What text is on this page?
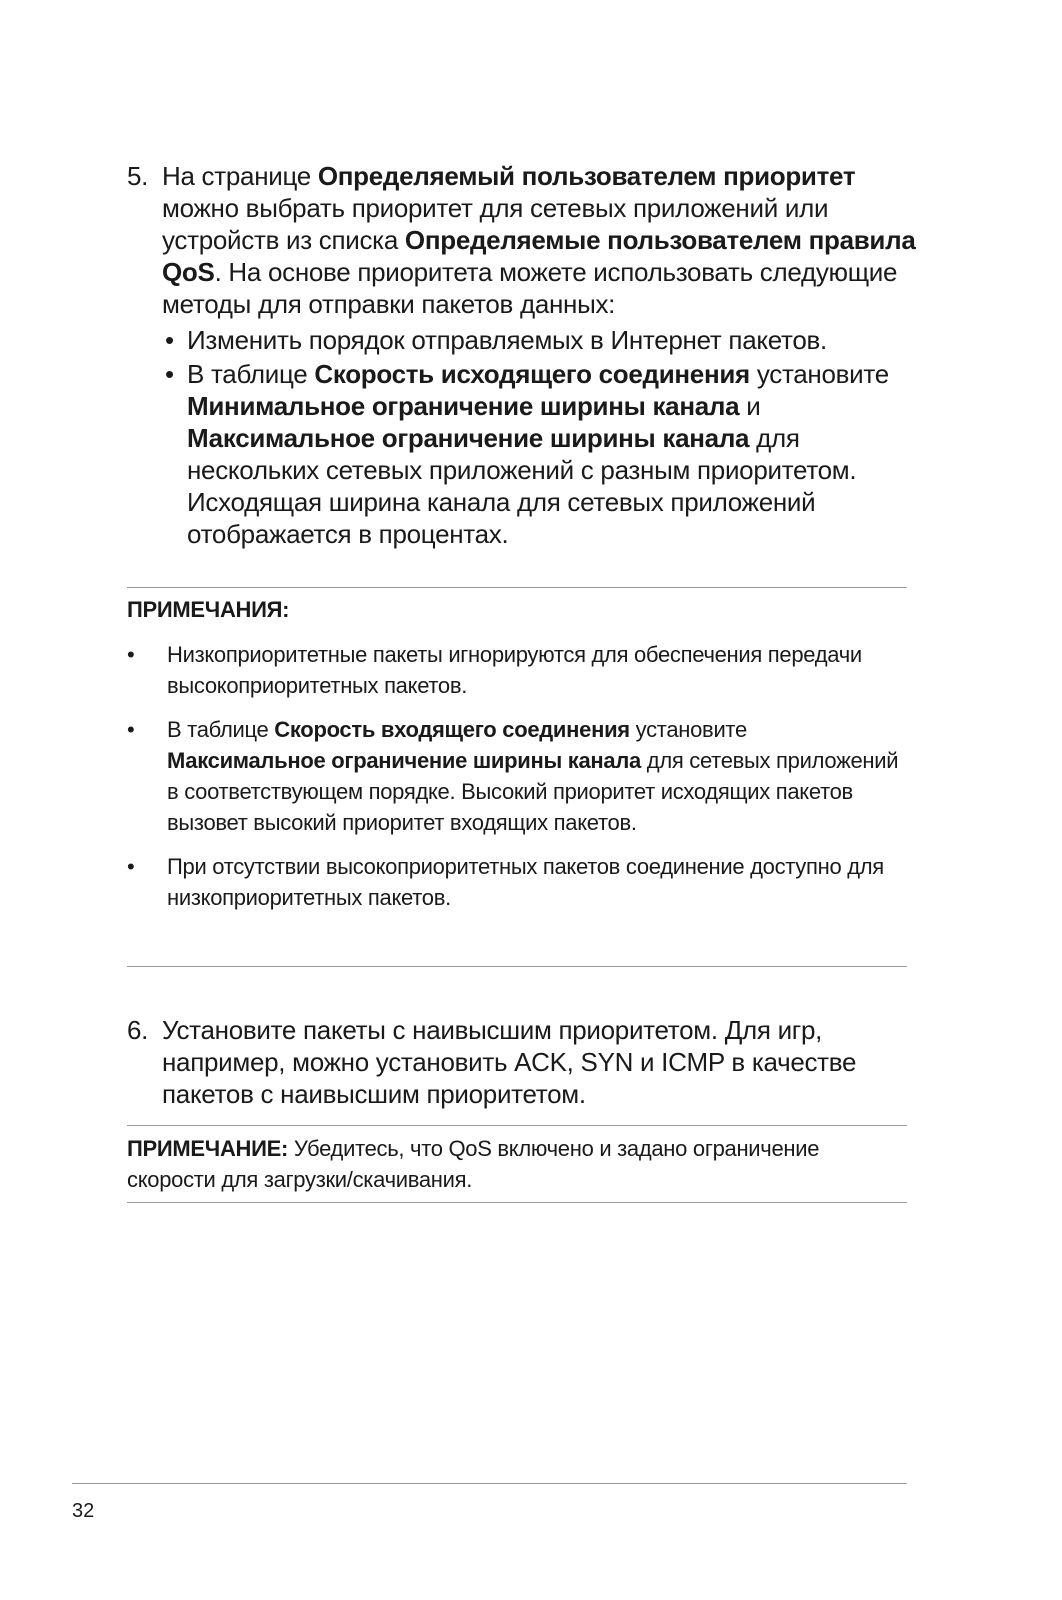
5. На странице Определяемый пользователем приоритет можно выбрать приоритет для сетевых приложений или устройств из списка Определяемые пользователем правила QoS. На основе приоритета можете использовать следующие методы для отправки пакетов данных:

• Изменить порядок отправляемых в Интернет пакетов.
• В таблице Скорость исходящего соединения установите Минимальное ограничение ширины канала и Максимальное ограничение ширины канала для нескольких сетевых приложений с разным приоритетом. Исходящая ширина канала для сетевых приложений отображается в процентах.
ПРИМЕЧАНИЯ:
• Низкоприоритетные пакеты игнорируются для обеспечения передачи высокоприоритетных пакетов.
• В таблице Скорость входящего соединения установите Максимальное ограничение ширины канала для сетевых приложений в соответствующем порядке. Высокий приоритет исходящих пакетов вызовет высокий приоритет входящих пакетов.
• При отсутствии высокоприоритетных пакетов соединение доступно для низкоприоритетных пакетов.
6. Установите пакеты с наивысшим приоритетом. Для игр, например, можно установить ACK, SYN и ICMP в качестве пакетов с наивысшим приоритетом.

ПРИМЕЧАНИЕ: Убедитесь, что QoS включено и задано ограничение скорости для загрузки/скачивания.
32
